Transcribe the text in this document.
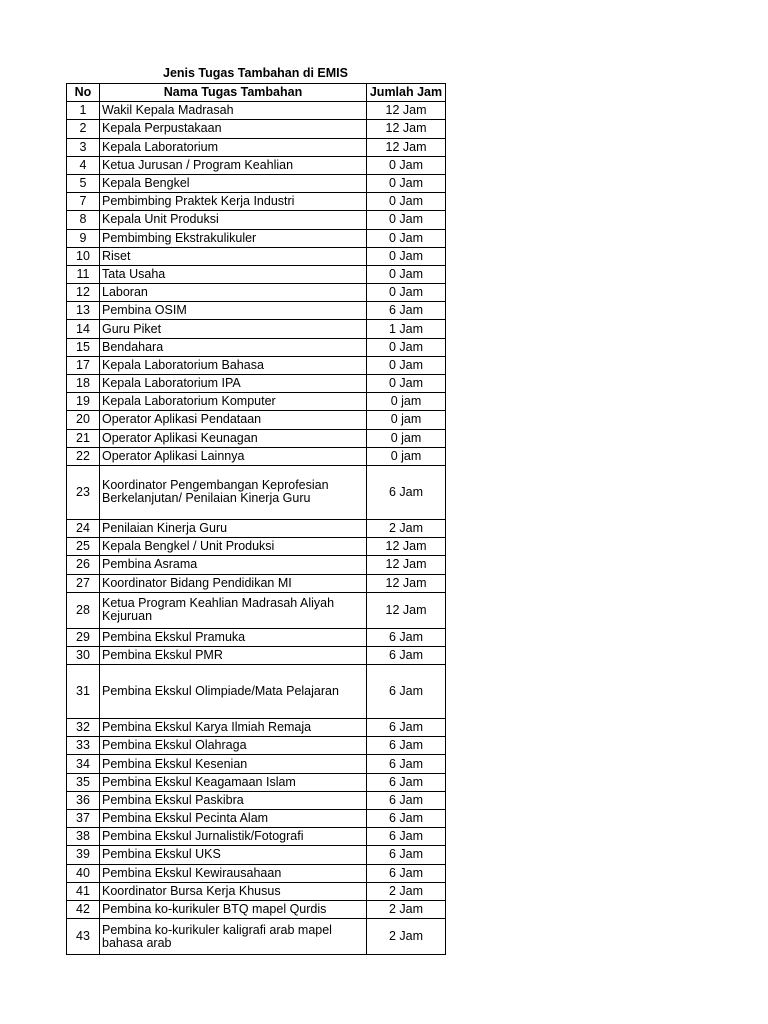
Jenis Tugas Tambahan di EMIS
No	Nama Tugas Tambahan	Jumlah Jam
1	Wakil Kepala Madrasah	12 Jam
2	Kepala Perpustakaan	12 Jam
3	Kepala Laboratorium	12 Jam
4	Ketua Jurusan / Program Keahlian	0 Jam
5	Kepala Bengkel	0 Jam
7	Pembimbing Praktek Kerja Industri	0 Jam
8	Kepala Unit Produksi	0 Jam
9	Pembimbing Ekstrakulikuler	0 Jam
10	Riset	0 Jam
11	Tata Usaha	0 Jam
12	Laboran	0 Jam
13	Pembina OSIM	6 Jam
14	Guru Piket	1 Jam
15	Bendahara	0 Jam
17	Kepala Laboratorium Bahasa	0 Jam
18	Kepala Laboratorium IPA	0 Jam
19	Kepala Laboratorium Komputer	0 jam
20	Operator Aplikasi Pendataan	0 jam
21	Operator Aplikasi Keunagan	0 jam
22	Operator Aplikasi Lainnya	0 jam
23	Koordinator Pengembangan Keprofesian Berkelanjutan/ Penilaian Kinerja Guru	6 Jam
24	Penilaian Kinerja Guru	2 Jam
25	Kepala Bengkel / Unit Produksi	12 Jam
26	Pembina Asrama	12 Jam
27	Koordinator Bidang Pendidikan MI	12 Jam
28	Ketua Program Keahlian Madrasah Aliyah Kejuruan	12 Jam
29	Pembina Ekskul Pramuka	6 Jam
30	Pembina Ekskul PMR	6 Jam
31	Pembina Ekskul Olimpiade/Mata Pelajaran	6 Jam
32	Pembina Ekskul Karya Ilmiah Remaja	6 Jam
33	Pembina Ekskul Olahraga	6 Jam
34	Pembina Ekskul Kesenian	6 Jam
35	Pembina Ekskul Keagamaan Islam	6 Jam
36	Pembina Ekskul Paskibra	6 Jam
37	Pembina Ekskul Pecinta Alam	6 Jam
38	Pembina Ekskul Jurnalistik/Fotografi	6 Jam
39	Pembina Ekskul UKS	6 Jam
40	Pembina Ekskul Kewirausahaan	6 Jam
41	Koordinator Bursa Kerja Khusus	2 Jam
42	Pembina ko-kurikuler BTQ mapel Qurdis	2 Jam
43	Pembina ko-kurikuler kaligrafi arab mapel bahasa arab	2 Jam
